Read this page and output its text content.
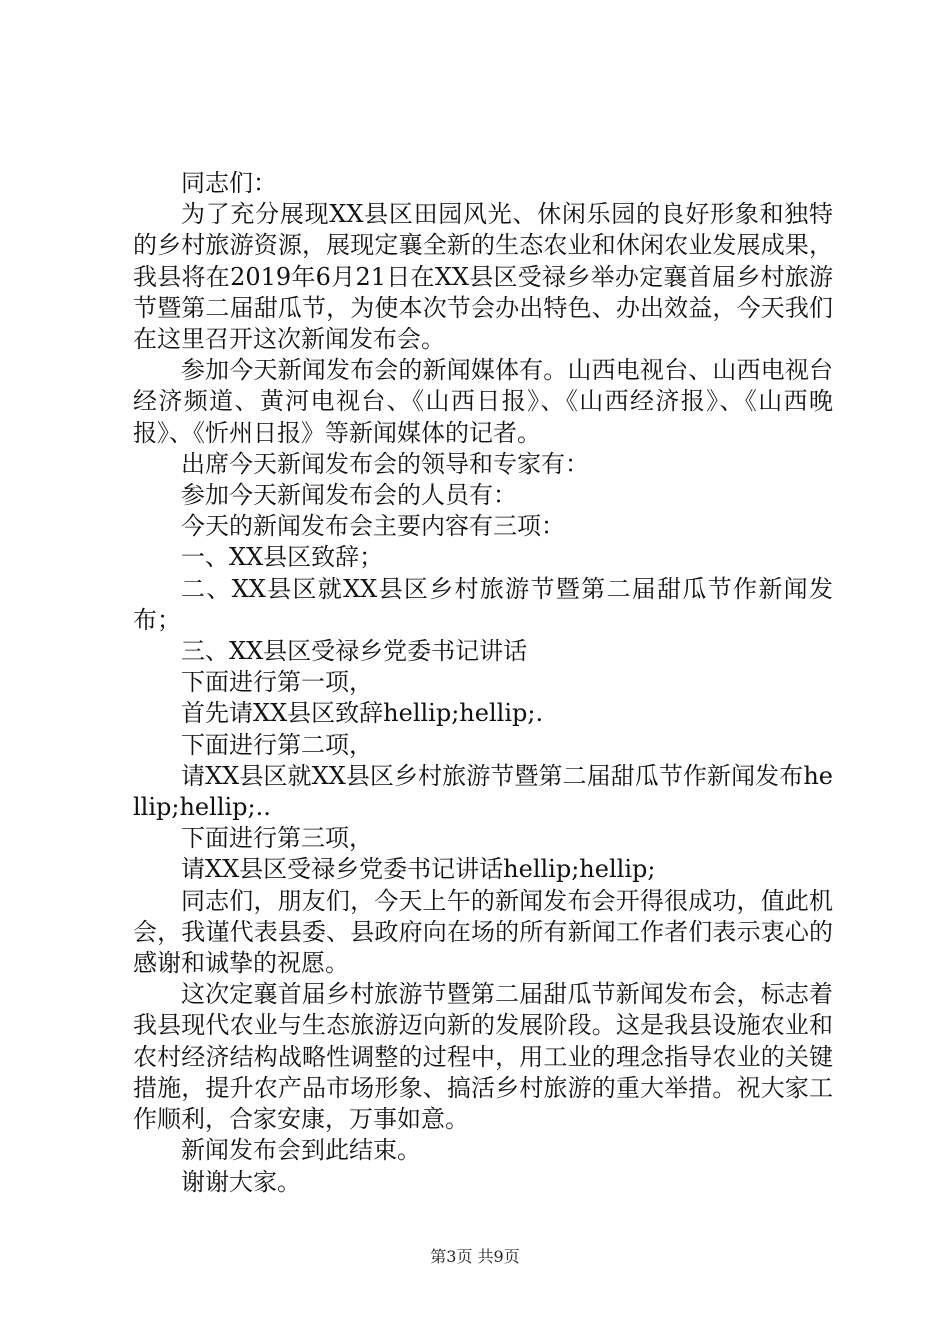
同志们：

为了充分展现XX县区田园风光、休闲乐园的良好形象和独特的乡村旅游资源，展现定襄全新的生态农业和休闲农业发展成果，我县将在2019年6月21日在XX县区受禄乡举办定襄首届乡村旅游节暨第二届甜瓜节，为使本次节会办出特色、办出效益，今天我们在这里召开这次新闻发布会。

参加今天新闻发布会的新闻媒体有。山西电视台、山西电视台经济频道、黄河电视台、《山西日报》、《山西经济报》、《山西晚报》、《忻州日报》等新闻媒体的记者。

出席今天新闻发布会的领导和专家有：

参加今天新闻发布会的人员有：

今天的新闻发布会主要内容有三项：

一、XX县区致辞；

二、XX县区就XX县区乡村旅游节暨第二届甜瓜节作新闻发布；

三、XX县区受禄乡党委书记讲话

下面进行第一项，

首先请XX县区致辞hellip;hellip;.

下面进行第二项，

请XX县区就XX县区乡村旅游节暨第二届甜瓜节作新闻发布hellip;hellip;..

下面进行第三项，

请XX县区受禄乡党委书记讲话hellip;hellip;

同志们，朋友们，今天上午的新闻发布会开得很成功，值此机会，我谨代表县委、县政府向在场的所有新闻工作者们表示衷心的感谢和诚挚的祝愿。

这次定襄首届乡村旅游节暨第二届甜瓜节新闻发布会，标志着我县现代农业与生态旅游迈向新的发展阶段。这是我县设施农业和农村经济结构战略性调整的过程中，用工业的理念指导农业的关键措施，提升农产品市场形象、搞活乡村旅游的重大举措。祝大家工作顺利，合家安康，万事如意。

新闻发布会到此结束。

谢谢大家。

第3页 共9页
